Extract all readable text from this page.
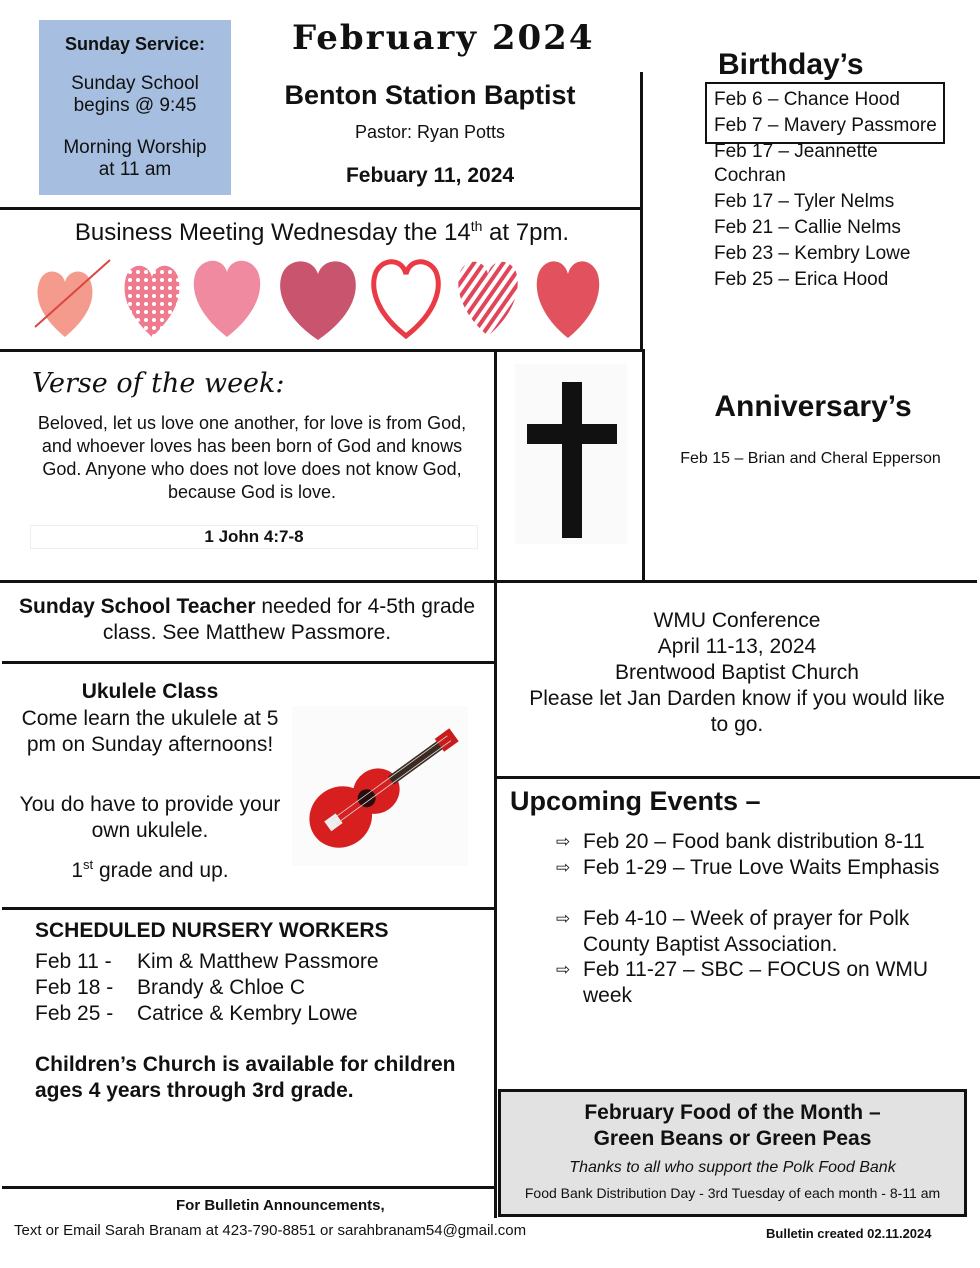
Sunday Service:
Sunday School
begins @ 9:45
Morning Worship
at 11 am
February 2024
Benton Station Baptist
Pastor: Ryan Potts
Febuary 11, 2024
Birthday’s
Feb 6 – Chance Hood
Feb 7 – Mavery Passmore
Feb 17 – Jeannette
Cochran
Feb 17 – Tyler Nelms
Feb 21 – Callie Nelms
Feb 23 – Kembry Lowe
Feb 25 – Erica Hood
Business Meeting Wednesday the 14th at 7pm.
Verse of the week:
Beloved, let us love one another, for love is from God, and whoever loves has been born of God and knows God. Anyone who does not love does not know God, because God is love.
1 John 4:7-8
Anniversary’s
Feb 15 – Brian and Cheral Epperson
Sunday School Teacher needed for 4-5th grade class. See Matthew Passmore.
WMU Conference
April 11-13, 2024
Brentwood Baptist Church
Please let Jan Darden know if you would like to go.
Ukulele Class
Come learn the ukulele at 5 pm on Sunday afternoons!
You do have to provide your own ukulele.
1st grade and up.
Upcoming Events –
⇨ Feb 20 – Food bank distribution 8-11
⇨ Feb 1-29 – True Love Waits Emphasis
⇨ Feb 4-10 – Week of prayer for Polk County Baptist Association.
⇨ Feb 11-27 – SBC – FOCUS on WMU week
SCHEDULED NURSERY WORKERS
Feb 11 - Kim & Matthew Passmore
Feb 18 - Brandy & Chloe C
Feb 25 - Catrice & Kembry Lowe
Children’s Church is available for children ages 4 years through 3rd grade.
February Food of the Month –
Green Beans or Green Peas
Thanks to all who support the Polk Food Bank
Food Bank Distribution Day - 3rd Tuesday of each month - 8-11 am
For Bulletin Announcements,
Text or Email Sarah Branam at 423-790-8851 or sarahbranam54@gmail.com	Bulletin created 02.11.2024
